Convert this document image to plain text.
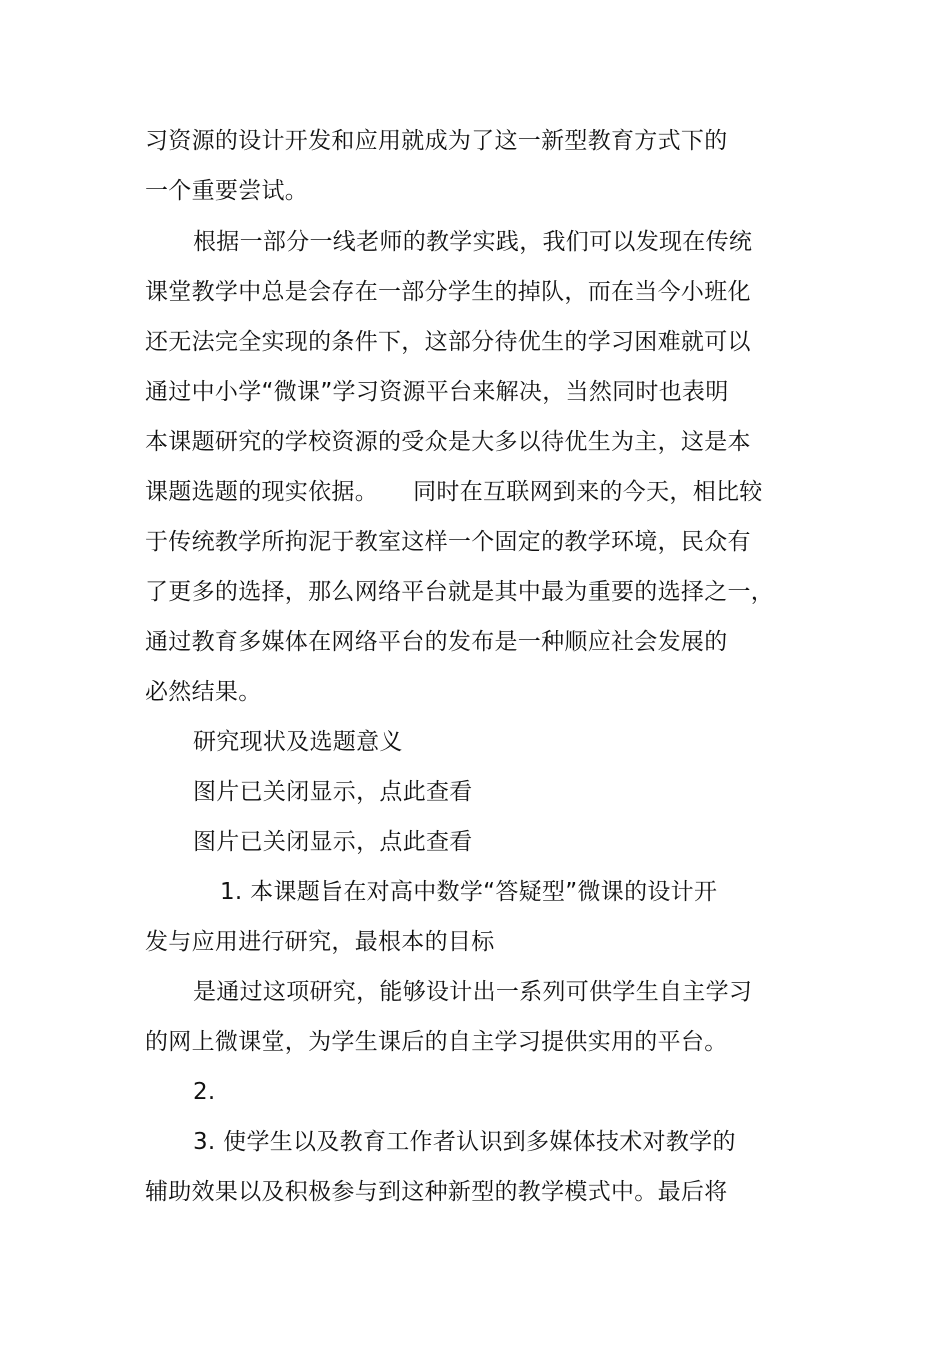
习资源的设计开发和应用就成为了这一新型教育方式下的
一个重要尝试。
根据一部分一线老师的教学实践，我们可以发现在传统
课堂教学中总是会存在一部分学生的掉队，而在当今小班化
还无法完全实现的条件下，这部分待优生的学习困难就可以
通过中小学“微课”学习资源平台来解决，当然同时也表明
本课题研究的学校资源的受众是大多以待优生为主，这是本
课题选题的现实依据。　　同时在互联网到来的今天，相比较
于传统教学所拘泥于教室这样一个固定的教学环境，民众有
了更多的选择，那么网络平台就是其中最为重要的选择之一，
通过教育多媒体在网络平台的发布是一种顺应社会发展的
必然结果。
研究现状及选题意义
图片已关闭显示，点此查看
图片已关闭显示，点此查看
1. 本课题旨在对高中数学“答疑型”微课的设计开
发与应用进行研究，最根本的目标
是通过这项研究，能够设计出一系列可供学生自主学习
的网上微课堂，为学生课后的自主学习提供实用的平台。
2.
3. 使学生以及教育工作者认识到多媒体技术对教学的
辅助效果以及积极参与到这种新型的教学模式中。最后将
